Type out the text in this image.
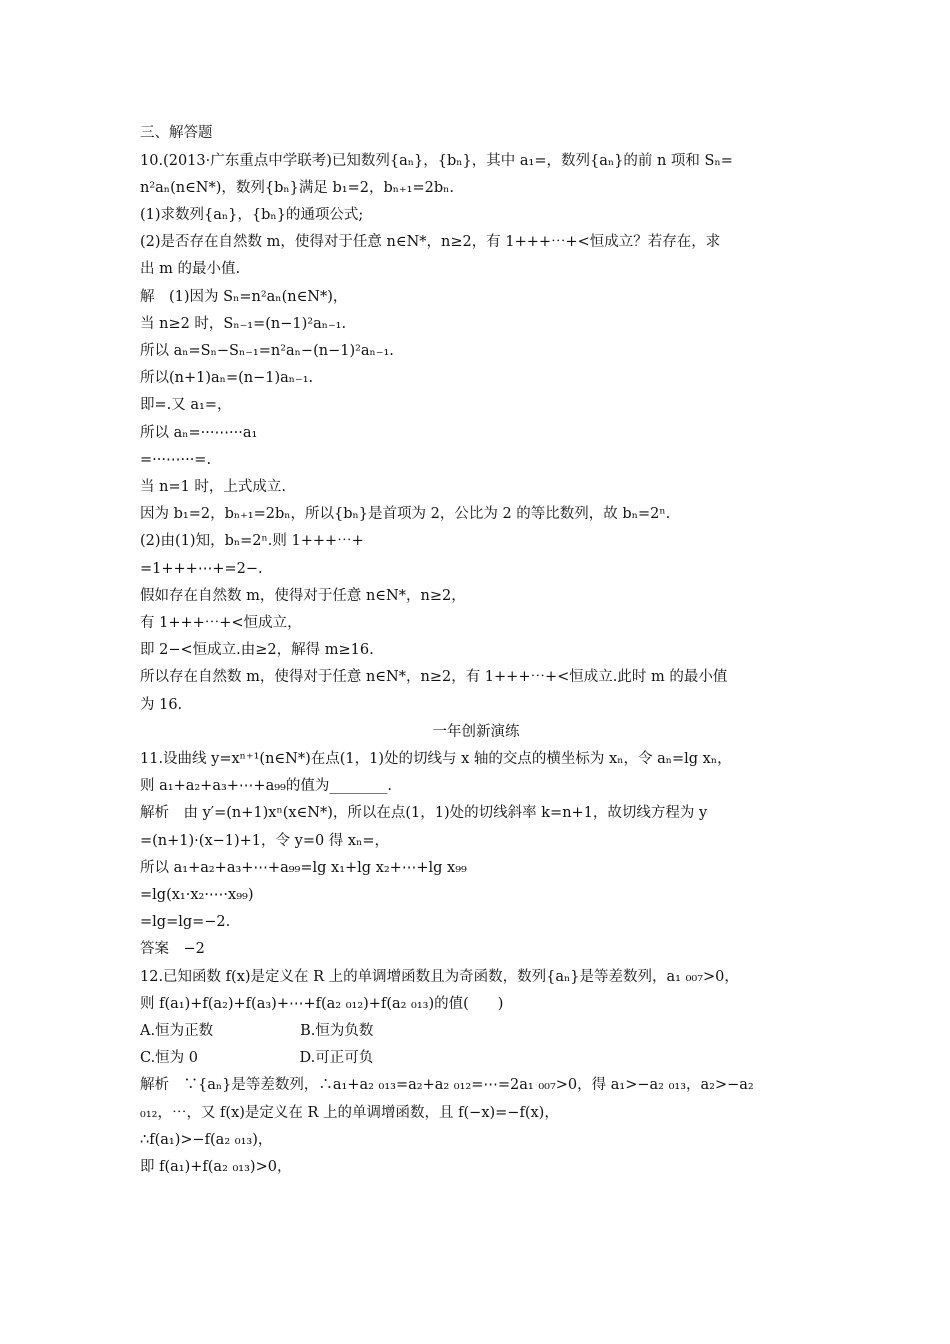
三、解答题
10.(2013·广东重点中学联考)已知数列{aₙ}，{bₙ}，其中 a₁=，数列{aₙ}的前 n 项和 Sₙ=
n²aₙ(n∈N*)，数列{bₙ}满足 b₁=2，bₙ₊₁=2bₙ.
(1)求数列{aₙ}，{bₙ}的通项公式;
(2)是否存在自然数 m，使得对于任意 n∈N*，n≥2，有 1+++⋯+<恒成立？若存在，求
出 m 的最小值.
解　(1)因为 Sₙ=n²aₙ(n∈N*)，
当 n≥2 时，Sₙ₋₁=(n−1)²aₙ₋₁.
所以 aₙ=Sₙ−Sₙ₋₁=n²aₙ−(n−1)²aₙ₋₁.
所以(n+1)aₙ=(n−1)aₙ₋₁.
即=.又 a₁=，
所以 aₙ=···⋯···a₁
=···⋯···=.
当 n=1 时，上式成立.
因为 b₁=2，bₙ₊₁=2bₙ，所以{bₙ}是首项为 2，公比为 2 的等比数列，故 bₙ=2ⁿ.
(2)由(1)知，bₙ=2ⁿ.则 1+++⋯+
=1+++⋯+=2−.
假如存在自然数 m，使得对于任意 n∈N*，n≥2，
有 1+++⋯+<恒成立，
即 2−<恒成立.由≥2，解得 m≥16.
所以存在自然数 m，使得对于任意 n∈N*，n≥2，有 1+++⋯+<恒成立.此时 m 的最小值
为 16.
一年创新演练
11.设曲线 y=xⁿ⁺¹(n∈N*)在点(1，1)处的切线与 x 轴的交点的横坐标为 xₙ，令 aₙ=lg xₙ，
则 a₁+a₂+a₃+⋯+a₉₉的值为________.
解析　由 y′=(n+1)xⁿ(x∈N*)，所以在点(1，1)处的切线斜率 k=n+1，故切线方程为 y
=(n+1)·(x−1)+1，令 y=0 得 xₙ=，
所以 a₁+a₂+a₃+⋯+a₉₉=lg x₁+lg x₂+⋯+lg x₉₉
=lg(x₁·x₂·⋯·x₉₉)
=lg=lg=−2.
答案　−2
12.已知函数 f(x)是定义在 R 上的单调增函数且为奇函数，数列{aₙ}是等差数列，a₁ ₀₀₇>0，
则 f(a₁)+f(a₂)+f(a₃)+⋯+f(a₂ ₀₁₂)+f(a₂ ₀₁₃)的值(　　)
A.恒为正数　　　　　　B.恒为负数
C.恒为 0　　　　　　　D.可正可负
解析　∵{aₙ}是等差数列，∴a₁+a₂ ₀₁₃=a₂+a₂ ₀₁₂=⋯=2a₁ ₀₀₇>0，得 a₁>−a₂ ₀₁₃，a₂>−a₂
₀₁₂，⋯，又 f(x)是定义在 R 上的单调增函数，且 f(−x)=−f(x)，
∴f(a₁)>−f(a₂ ₀₁₃)，
即 f(a₁)+f(a₂ ₀₁₃)>0，
